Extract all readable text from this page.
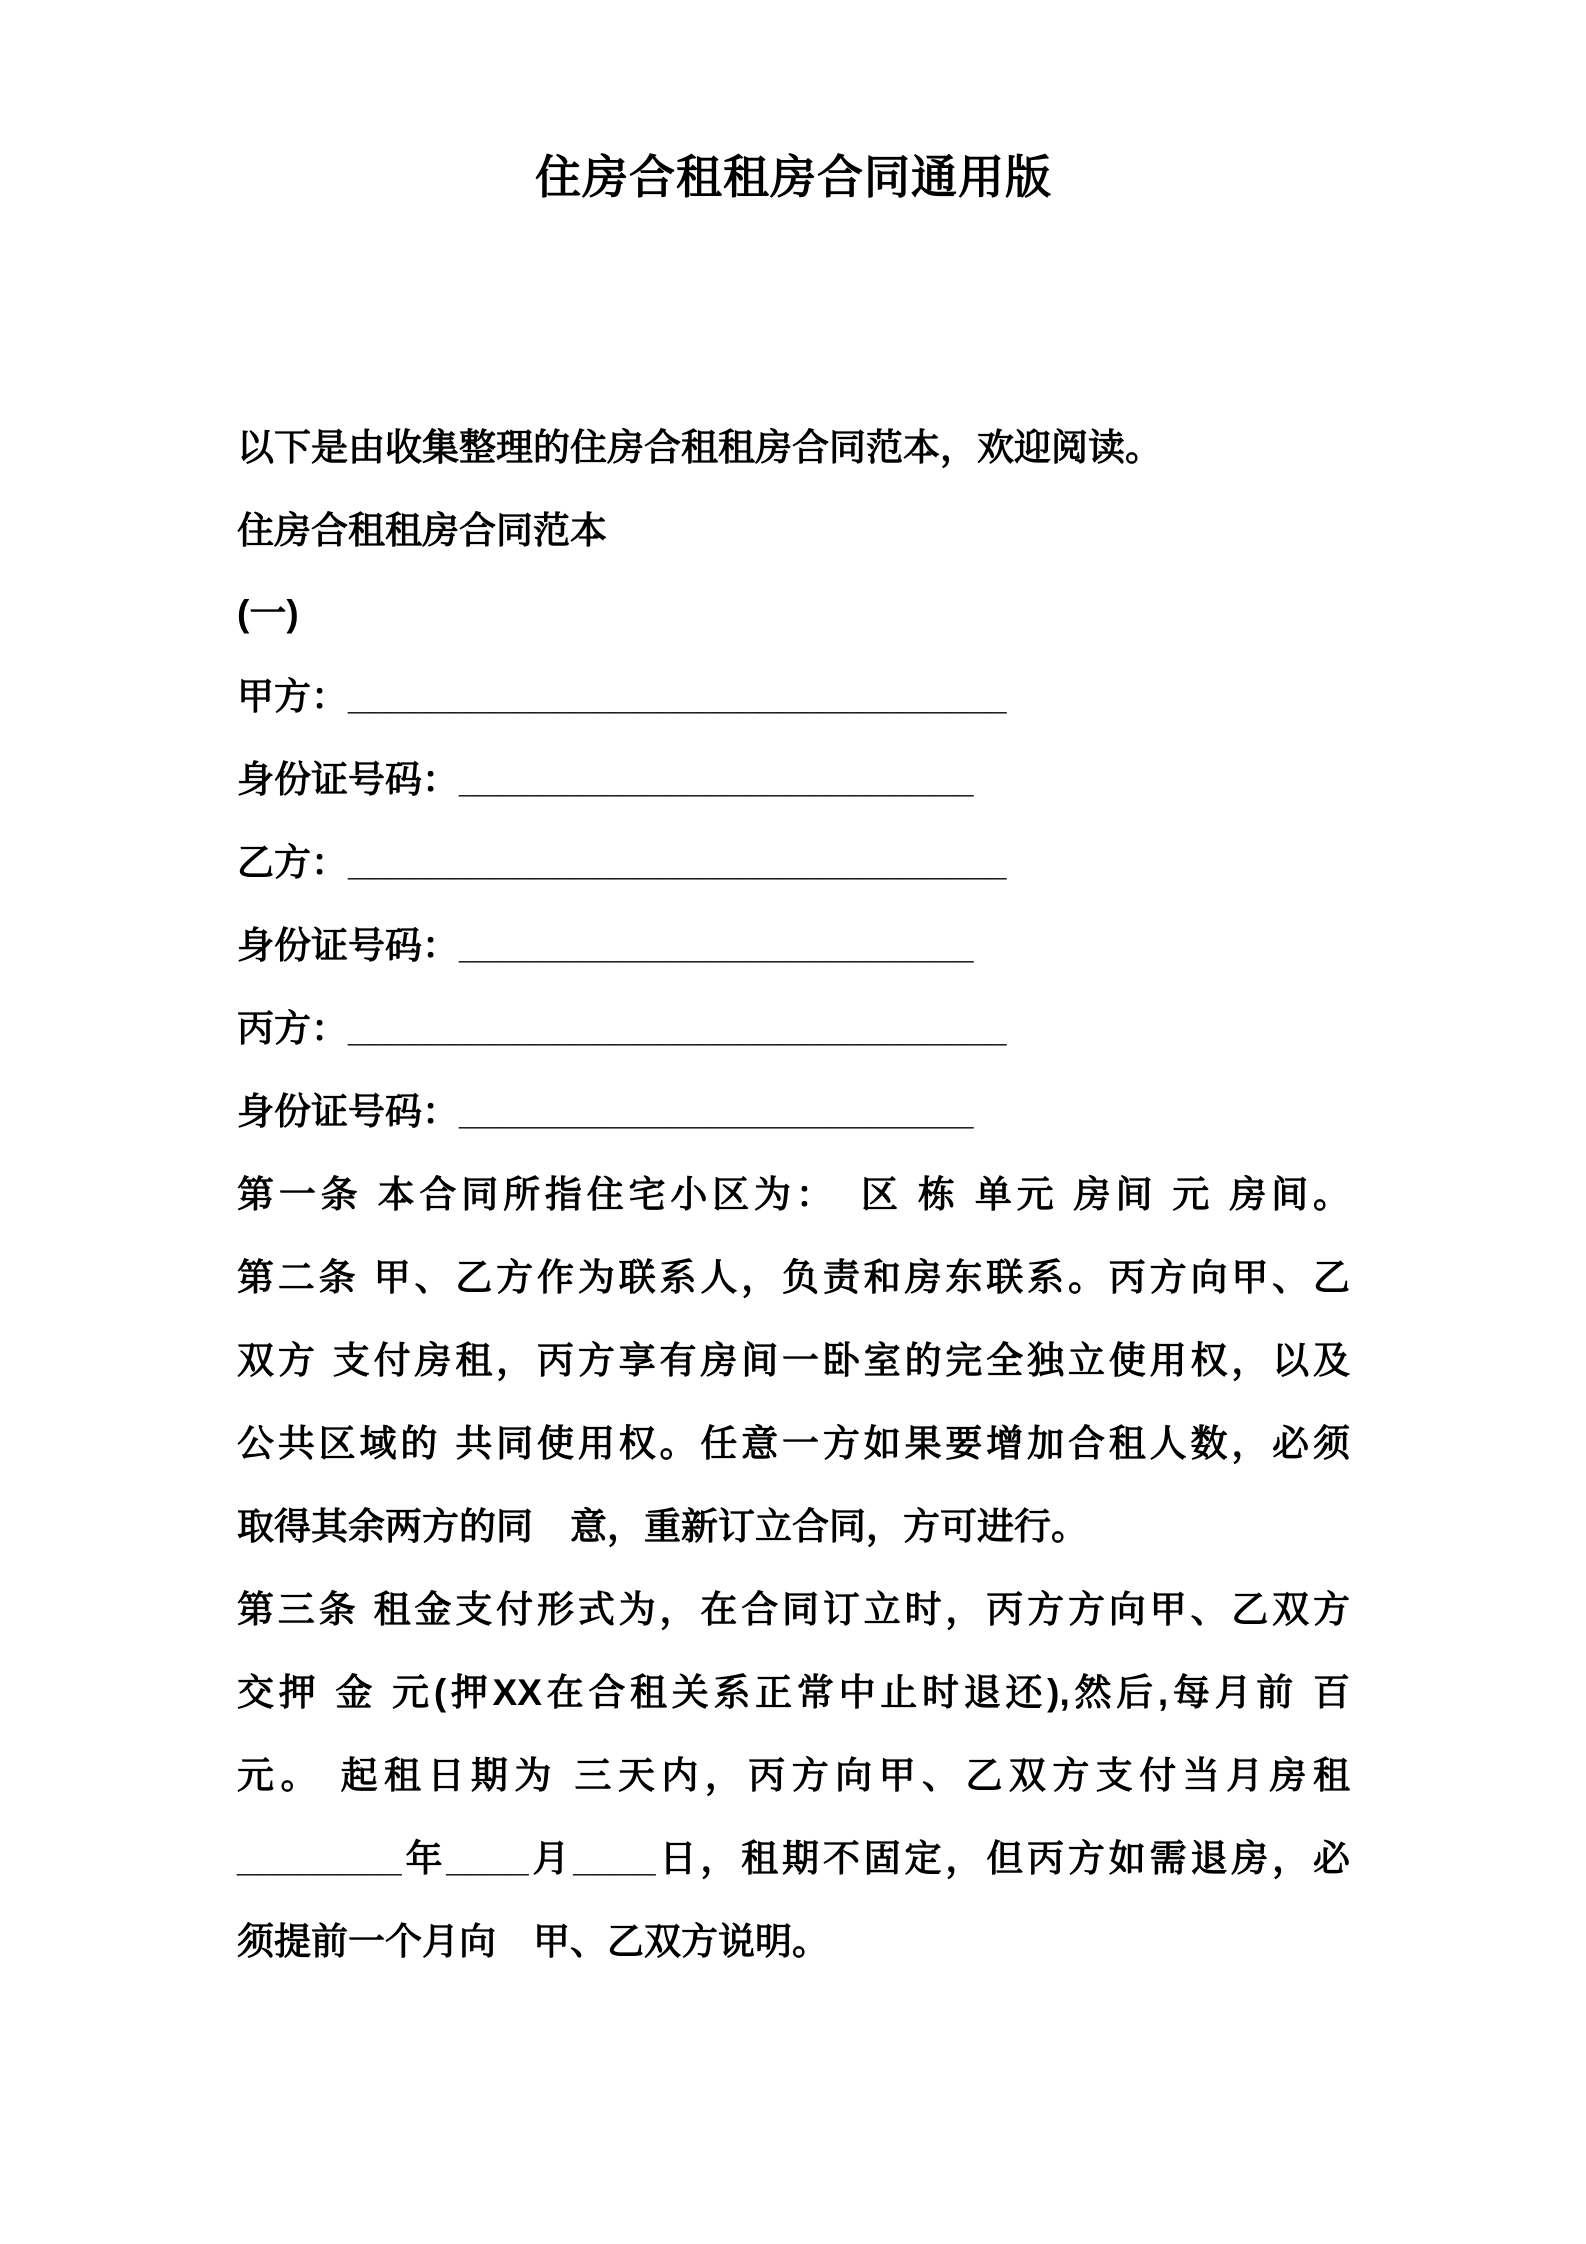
住房合租租房合同通用版
以下是由收集整理的住房合租租房合同范本，欢迎阅读。
住房合租租房合同范本
(一)
甲方：________________________________
身份证号码：_________________________
乙方：________________________________
身份证号码：_________________________
丙方：________________________________
身份证号码：_________________________
第一条 本合同所指住宅小区为：　区 栋 单元 房间 元 房间。
第二条 甲、乙方作为联系人，负责和房东联系。丙方向甲、乙
双方 支付房租，丙方享有房间一卧室的完全独立使用权，以及
公共区域的 共同使用权。任意一方如果要增加合租人数，必须
取得其余两方的同　意，重新订立合同，方可进行。
第三条 租金支付形式为，在合同订立时，丙方方向甲、乙双方
交押 金 元(押XX在合租关系正常中止时退还),然后,每月前 百
元。 起租日期为 三天内，丙方向甲、乙双方支付当月房租
________年____月____日，租期不固定，但丙方如需退房，必
须提前一个月向　甲、乙双方说明。
